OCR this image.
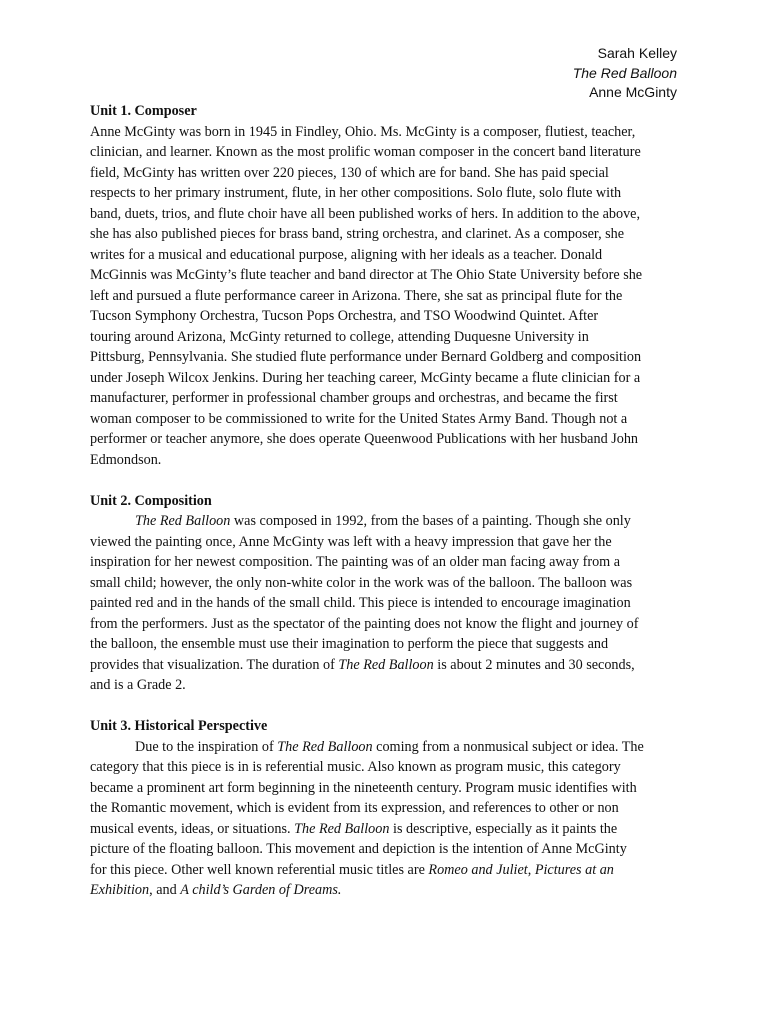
Sarah Kelley
The Red Balloon
Anne McGinty
Unit 1. Composer
Anne McGinty was born in 1945 in Findley, Ohio. Ms. McGinty is a composer, flutiest, teacher,
clinician, and learner. Known as the most prolific woman composer in the concert band literature
field, McGinty has written over 220 pieces, 130 of which are for band. She has paid special
respects to her primary instrument, flute, in her other compositions. Solo flute, solo flute with
band, duets, trios, and flute choir have all been published works of hers. In addition to the above,
she has also published pieces for brass band, string orchestra, and clarinet. As a composer, she
writes for a musical and educational purpose, aligning with her ideals as a teacher. Donald
McGinnis was McGinty’s flute teacher and band director at The Ohio State University before she
left and pursued a flute performance career in Arizona. There, she sat as principal flute for the
Tucson Symphony Orchestra, Tucson Pops Orchestra, and TSO Woodwind Quintet. After
touring around Arizona, McGinty returned to college, attending Duquesne University in
Pittsburg, Pennsylvania. She studied flute performance under Bernard Goldberg and composition
under Joseph Wilcox Jenkins. During her teaching career, McGinty became a flute clinician for a
manufacturer, performer in professional chamber groups and orchestras, and became the first
woman composer to be commissioned to write for the United States Army Band. Though not a
performer or teacher anymore, she does operate Queenwood Publications with her husband John
Edmondson.
Unit 2. Composition
The Red Balloon was composed in 1992, from the bases of a painting. Though she only
viewed the painting once, Anne McGinty was left with a heavy impression that gave her the
inspiration for her newest composition. The painting was of an older man facing away from a
small child; however, the only non-white color in the work was of the balloon. The balloon was
painted red and in the hands of the small child. This piece is intended to encourage imagination
from the performers. Just as the spectator of the painting does not know the flight and journey of
the balloon, the ensemble must use their imagination to perform the piece that suggests and
provides that visualization. The duration of The Red Balloon is about 2 minutes and 30 seconds,
and is a Grade 2.
Unit 3. Historical Perspective
Due to the inspiration of The Red Balloon coming from a nonmusical subject or idea. The
category that this piece is in is referential music. Also known as program music, this category
became a prominent art form beginning in the nineteenth century. Program music identifies with
the Romantic movement, which is evident from its expression, and references to other or non
musical events, ideas, or situations. The Red Balloon is descriptive, especially as it paints the
picture of the floating balloon. This movement and depiction is the intention of Anne McGinty
for this piece. Other well known referential music titles are Romeo and Juliet, Pictures at an
Exhibition, and A child’s Garden of Dreams.
